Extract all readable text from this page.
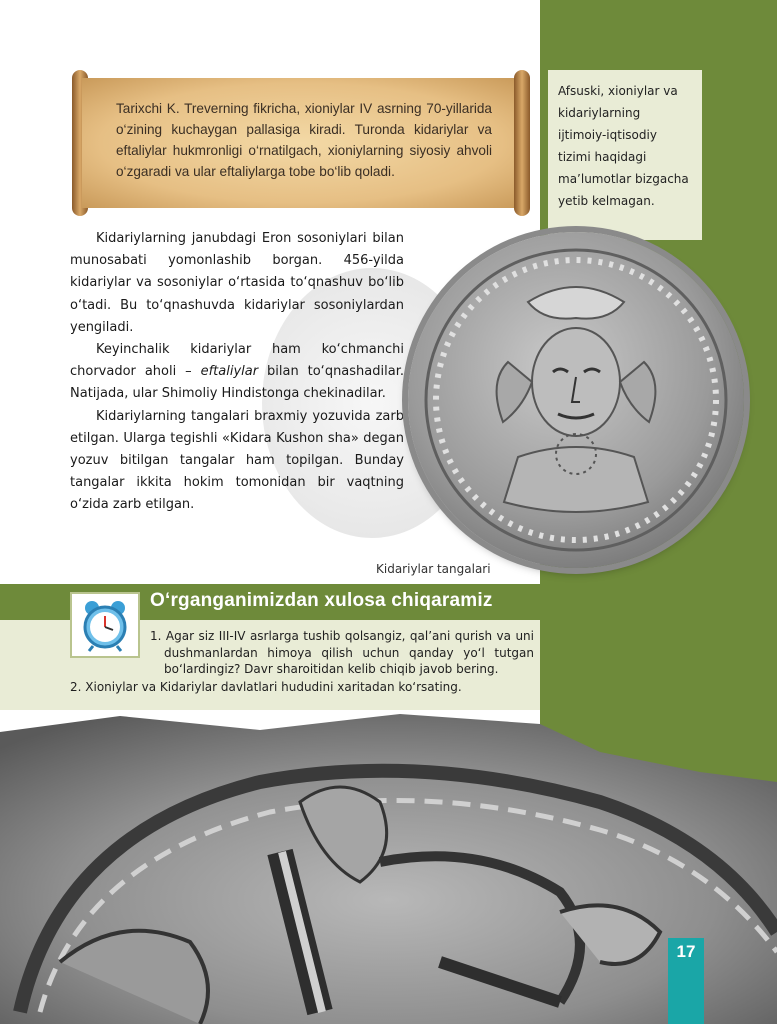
Afsuski, xioniylar va kidariylarning ijtimoiy-iqtisodiy tizimi haqidagi ma’lumotlar bizgacha yetib kelmagan.
Tarixchi K. Treverning fikricha, xioniylar IV asrning 70-yillarida o‘zining kuchaygan pallasiga kiradi. Turonda kidariylar va eftaliylar hukmronligi o‘rnatilgach, xioniylarning siyosiy ahvoli o‘zgaradi va ular eftaliylarga tobe bo‘lib qoladi.

Kidariylarning janubdagi Eron sosoniylari bilan munosabati yomonlashib borgan. 456-yilda kidariylar va sosoniylar o‘rtasida to‘qnashuv bo‘lib o‘tadi. Bu to‘qnashuvda kidariylar sosoniylardan yengiladi.

Keyinchalik kidariylar ham ko‘chmanchi chorvador aholi – eftaliylar bilan to‘qnashadilar. Natijada, ular Shimoliy Hindistonga chekinadilar.

Kidariylarning tangalari braxmiy yozuvida zarb etilgan. Ularga tegishli «Kidara Kushon sha» degan yozuv bitilgan tangalar ham topilgan. Bunday tangalar ikkita hokim tomonidan bir vaqtning o‘zida zarb etilgan.

Kidariylar tangalari
O‘rganganimizdan xulosa chiqaramiz
1. Agar siz III-IV asrlarga tushib qolsangiz, qal’ani qurish va uni dushmanlardan himoya qilish uchun qanday yo‘l tutgan bo‘lardingiz? Davr sharoitidan kelib chiqib javob bering.
2. Xioniylar va Kidariylar davlatlari hududini xaritadan ko‘rsating.
17
